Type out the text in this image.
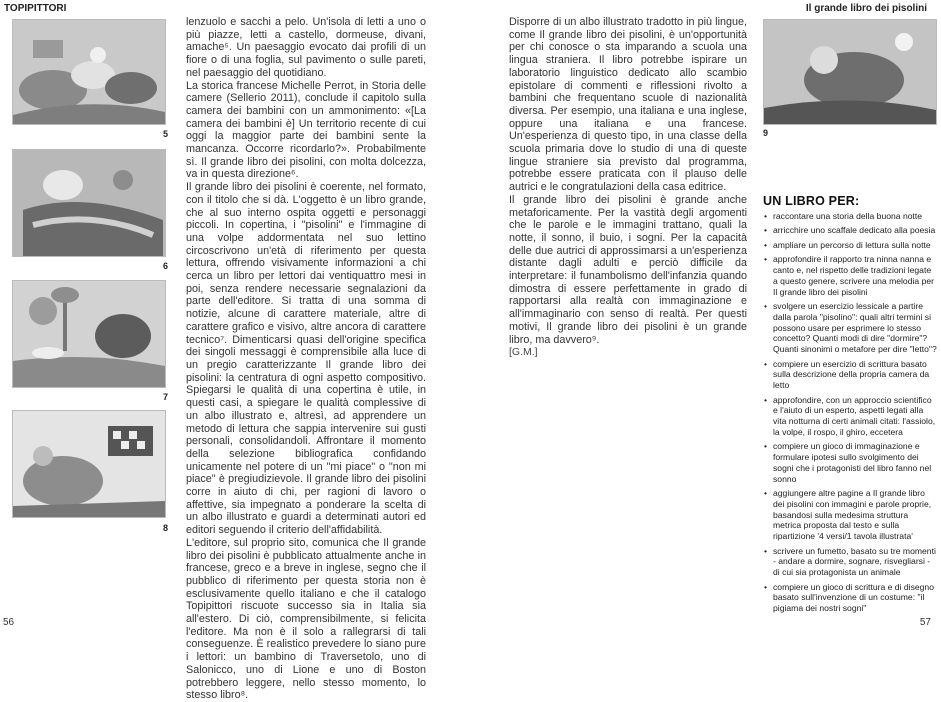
TOPIPITTORI	Il grande libro dei pisolini
5
6
7
8
9

lenzuolo e sacchi a pelo. Un'isola di letti a uno o più piazze, letti a castello, dormeuse, divani, amache⁵. Un paesaggio evocato dai profili di un fiore o di una foglia, sul pavimento o sulle pareti, nel paesaggio del quotidiano.

La storica francese Michelle Perrot, in Storia delle camere (Sellerio 2011), conclude il capitolo sulla camera dei bambini con un ammonimento: «[La camera dei bambini è] Un territorio recente di cui oggi la maggior parte dei bambini sente la mancanza. Occorre ricordarlo?». Probabilmente sì. Il grande libro dei pisolini, con molta dolcezza, va in questa direzione⁶.

Il grande libro dei pisolini è coerente, nel formato, con il titolo che si dà. L'oggetto è un libro grande, che al suo interno ospita oggetti e personaggi piccoli. In copertina, i "pisolini" e l'immagine di una volpe addormentata nel suo lettino circoscrivono un'età di riferimento per questa lettura, offrendo visivamente informazioni a chi cerca un libro per lettori dai ventiquattro mesi in poi, senza rendere necessarie segnalazioni da parte dell'editore. Si tratta di una somma di notizie, alcune di carattere materiale, altre di carattere grafico e visivo, altre ancora di carattere tecnico⁷. Dimenticarsi quasi dell'origine specifica dei singoli messaggi è comprensibile alla luce di un pregio caratterizzante Il grande libro dei pisolini: la centratura di ogni aspetto compositivo. Spiegarsi le qualità di una copertina è utile, in questi casi, a spiegare le qualità complessive di un albo illustrato e, altresì, ad apprendere un metodo di lettura che sappia intervenire sui gusti personali, consolidandoli. Affrontare il momento della selezione bibliografica confidando unicamente nel potere di un "mi piace" o "non mi piace" è pregiudizievole. Il grande libro dei pisolini corre in aiuto di chi, per ragioni di lavoro o affettive, sia impegnato a ponderare la scelta di un albo illustrato e guardi a determinati autori ed editori seguendo il criterio dell'affidabilità.

L'editore, sul proprio sito, comunica che Il grande libro dei pisolini è pubblicato attualmente anche in francese, greco e a breve in inglese, segno che il pubblico di riferimento per questa storia non è esclusivamente quello italiano e che il catalogo Topipittori riscuote successo sia in Italia sia all'estero. Di ciò, comprensibilmente, si felicita l'editore. Ma non è il solo a rallegrarsi di tali conseguenze. È realistico prevedere lo siano pure i lettori: un bambino di Traversetolo, uno di Salonicco, uno di Lione e uno di Boston potrebbero leggere, nello stesso momento, lo stesso libro⁸.

Disporre di un albo illustrato tradotto in più lingue, come Il grande libro dei pisolini, è un'opportunità per chi conosce o sta imparando a scuola una lingua straniera. Il libro potrebbe ispirare un laboratorio linguistico dedicato allo scambio epistolare di commenti e riflessioni rivolto a bambini che frequentano scuole di nazionalità diversa. Per esempio, una italiana e una inglese, oppure una italiana e una francese. Un'esperienza di questo tipo, in una classe della scuola primaria dove lo studio di una di queste lingue straniere sia previsto dal programma, potrebbe essere praticata con il plauso delle autrici e le congratulazioni della casa editrice.

Il grande libro dei pisolini è grande anche metaforicamente. Per la vastità degli argomenti che le parole e le immagini trattano, quali la notte, il sonno, il buio, i sogni. Per la capacità delle due autrici di approssimarsi a un'esperienza distante dagli adulti e perciò difficile da interpretare: il funambolismo dell'infanzia quando dimostra di essere perfettamente in grado di rapportarsi alla realtà con immaginazione e all'immaginario con senso di realtà. Per questi motivi, Il grande libro dei pisolini è un grande libro, ma davvero⁹.

[G.M.]

UN LIBRO PER:
• raccontare una storia della buona notte
• arricchire uno scaffale dedicato alla poesia
• ampliare un percorso di lettura sulla notte
• approfondire il rapporto tra ninna nanna e canto e, nel rispetto delle tradizioni legate a questo genere, scrivere una melodia per Il grande libro dei pisolini
• svolgere un esercizio lessicale a partire dalla parola "pisolino": quali altri termini si possono usare per esprimere lo stesso concetto? Quanti modi di dire "dormire"? Quanti sinonimi o metafore per dire "letto"?
• compiere un esercizio di scrittura basato sulla descrizione della propria camera da letto
• approfondire, con un approccio scientifico e l'aiuto di un esperto, aspetti legati alla vita notturna di certi animali citati: l'assiolo, la volpe, il rospo, il ghiro, eccetera
• compiere un gioco di immaginazione e formulare ipotesi sullo svolgimento dei sogni che i protagonisti del libro fanno nel sonno
• aggiungere altre pagine a Il grande libro dei pisolini con immagini e parole proprie, basandosi sulla medesima struttura metrica proposta dal testo e sulla ripartizione '4 versi/1 tavola illustrata'
• scrivere un fumetto, basato su tre momenti - andare a dormire, sognare, risvegliarsi - di cui sia protagonista un animale
• compiere un gioco di scrittura e di disegno basato sull'invenzione di un costume: "il pigiama dei nostri sogni"
56	57
